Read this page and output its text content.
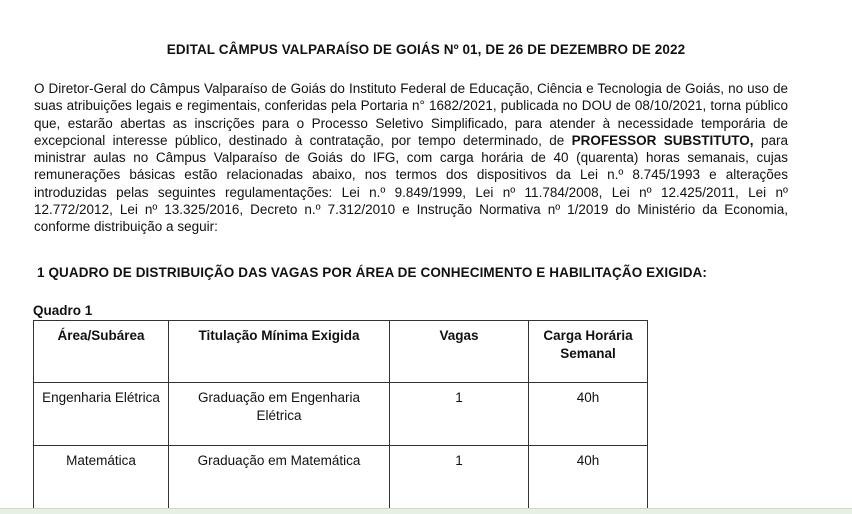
EDITAL CÂMPUS VALPARAÍSO DE GOIÁS Nº 01, DE 26 DE DEZEMBRO DE 2022

O Diretor-Geral do Câmpus Valparaíso de Goiás do Instituto Federal de Educação, Ciência e Tecnologia de Goiás, no uso de suas atribuições legais e regimentais, conferidas pela Portaria n° 1682/2021, publicada no DOU de 08/10/2021, torna público que, estarão abertas as inscrições para o Processo Seletivo Simplificado, para atender à necessidade temporária de excepcional interesse público, destinado à contratação, por tempo determinado, de PROFESSOR SUBSTITUTO, para ministrar aulas no Câmpus Valparaíso de Goiás do IFG, com carga horária de 40 (quarenta) horas semanais, cujas remunerações básicas estão relacionadas abaixo, nos termos dos dispositivos da Lei n.º 8.745/1993 e alterações introduzidas pelas seguintes regulamentações: Lei n.º 9.849/1999, Lei nº 11.784/2008, Lei nº 12.425/2011, Lei nº 12.772/2012, Lei nº 13.325/2016, Decreto n.º 7.312/2010 e Instrução Normativa nº 1/2019 do Ministério da Economia, conforme distribuição a seguir:

1 QUADRO DE DISTRIBUIÇÃO DAS VAGAS POR ÁREA DE CONHECIMENTO E HABILITAÇÃO EXIGIDA:
Quadro 1
Área/Subárea	Titulação Mínima Exigida	Vagas	Carga Horária Semanal
Engenharia Elétrica	Graduação em Engenharia Elétrica	1	40h
Matemática	Graduação em Matemática	1	40h
